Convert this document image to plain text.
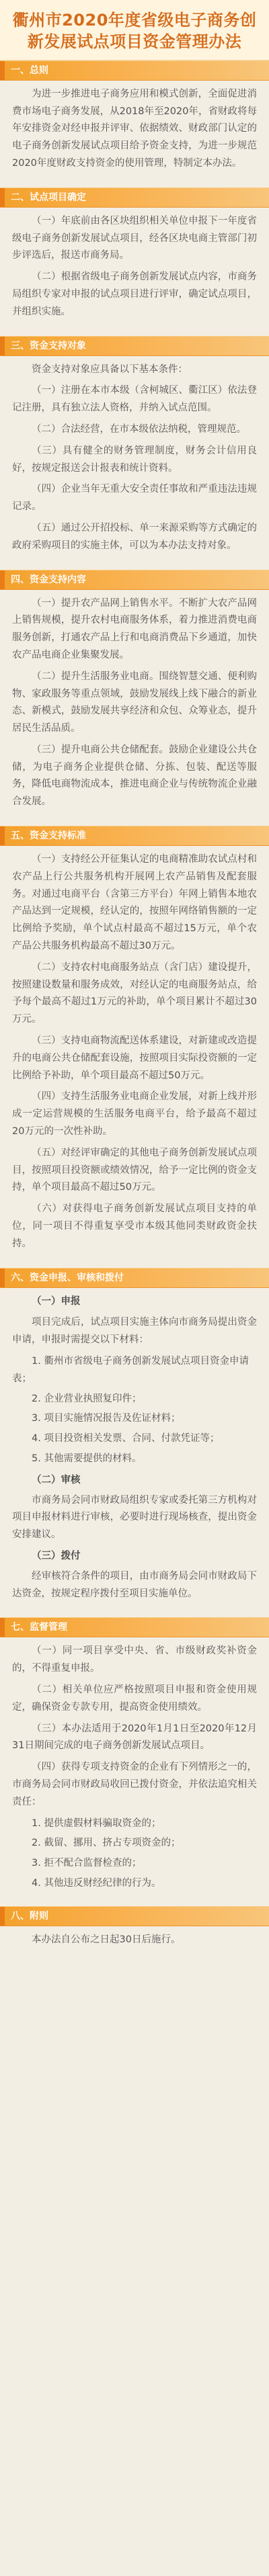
衢州市2020年度省级电子商务创新发展试点项目资金管理办法
一、总则
为进一步推进电子商务应用和模式创新，全面促进消费市场电子商务发展，从2018年至2020年，省财政将每年安排资金对经申报并评审、依据绩效、财政部门认定的电子商务创新发展试点项目给予资金支持，为进一步规范2020年度财政支持资金的使用管理，特制定本办法。
二、试点项目确定
（一）年底前由各区块组织相关单位申报下一年度省级电子商务创新发展试点项目，经各区块电商主管部门初步评选后，报送市商务局。
（二）根据省级电子商务创新发展试点内容，市商务局组织专家对申报的试点项目进行评审，确定试点项目，并组织实施。
三、资金支持对象
资金支持对象应具备以下基本条件：
（一）注册在本市本级（含柯城区、衢江区）依法登记注册，具有独立法人资格，并纳入试点范围。
（二）合法经营，在市本级依法纳税，管理规范。
（三）具有健全的财务管理制度，财务会计信用良好，按规定报送会计报表和统计资料。
（四）企业当年无重大安全责任事故和严重违法违规记录。
（五）通过公开招投标、单一来源采购等方式确定的政府采购项目的实施主体，可以为本办法支持对象。
四、资金支持内容
（一）提升农产品网上销售水平。不断扩大农产品网上销售规模，提升农村电商服务体系，着力推进消费电商服务创新，打通农产品上行和电商消费品下乡通道，加快农产品电商企业集聚发展。
（二）提升生活服务业电商。围绕智慧交通、便利购物、家政服务等重点领域，鼓励发展线上线下融合的新业态、新模式，鼓励发展共享经济和众包、众筹业态，提升居民生活品质。
（三）提升电商公共仓储配套。鼓励企业建设公共仓储，为电子商务企业提供仓储、分拣、包装、配送等服务，降低电商物流成本，推进电商企业与传统物流企业融合发展。
五、资金支持标准
（一）支持经公开征集认定的电商精准助农试点村和农产品上行公共服务机构开展网上农产品销售及配套服务。对通过电商平台（含第三方平台）年网上销售本地农产品达到一定规模，经认定的，按照年网络销售额的一定比例给予奖励，单个试点村最高不超过15万元，单个农产品公共服务机构最高不超过30万元。
（二）支持农村电商服务站点（含门店）建设提升，按照建设数量和服务成效，对经认定的电商服务站点，给予每个最高不超过1万元的补助，单个项目累计不超过30万元。
（三）支持电商物流配送体系建设，对新建或改造提升的电商公共仓储配套设施，按照项目实际投资额的一定比例给予补助，单个项目最高不超过50万元。
（四）支持生活服务业电商企业发展，对新上线并形成一定运营规模的生活服务电商平台，给予最高不超过20万元的一次性补助。
（五）对经评审确定的其他电子商务创新发展试点项目，按照项目投资额或绩效情况，给予一定比例的资金支持，单个项目最高不超过50万元。
（六）对获得电子商务创新发展试点项目支持的单位，同一项目不得重复享受市本级其他同类财政资金扶持。
六、资金申报、审核和拨付
（一）申报
项目完成后，试点项目实施主体向市商务局提出资金申请，申报时需提交以下材料：
1. 衢州市省级电子商务创新发展试点项目资金申请表；
2. 企业营业执照复印件；
3. 项目实施情况报告及佐证材料；
4. 项目投资相关发票、合同、付款凭证等；
5. 其他需要提供的材料。
（二）审核
市商务局会同市财政局组织专家或委托第三方机构对项目申报材料进行审核，必要时进行现场核查，提出资金安排建议。
（三）拨付
经审核符合条件的项目，由市商务局会同市财政局下达资金，按规定程序拨付至项目实施单位。
七、监督管理
（一）同一项目享受中央、省、市级财政奖补资金的，不得重复申报。
（二）相关单位应严格按照项目申报和资金使用规定，确保资金专款专用，提高资金使用绩效。
（三）本办法适用于2020年1月1日至2020年12月31日期间完成的电子商务创新发展试点项目。
（四）获得专项支持资金的企业有下列情形之一的，市商务局会同市财政局收回已拨付资金，并依法追究相关责任：
1. 提供虚假材料骗取资金的；
2. 截留、挪用、挤占专项资金的；
3. 拒不配合监督检查的；
4. 其他违反财经纪律的行为。
八、附则
本办法自公布之日起30日后施行。
